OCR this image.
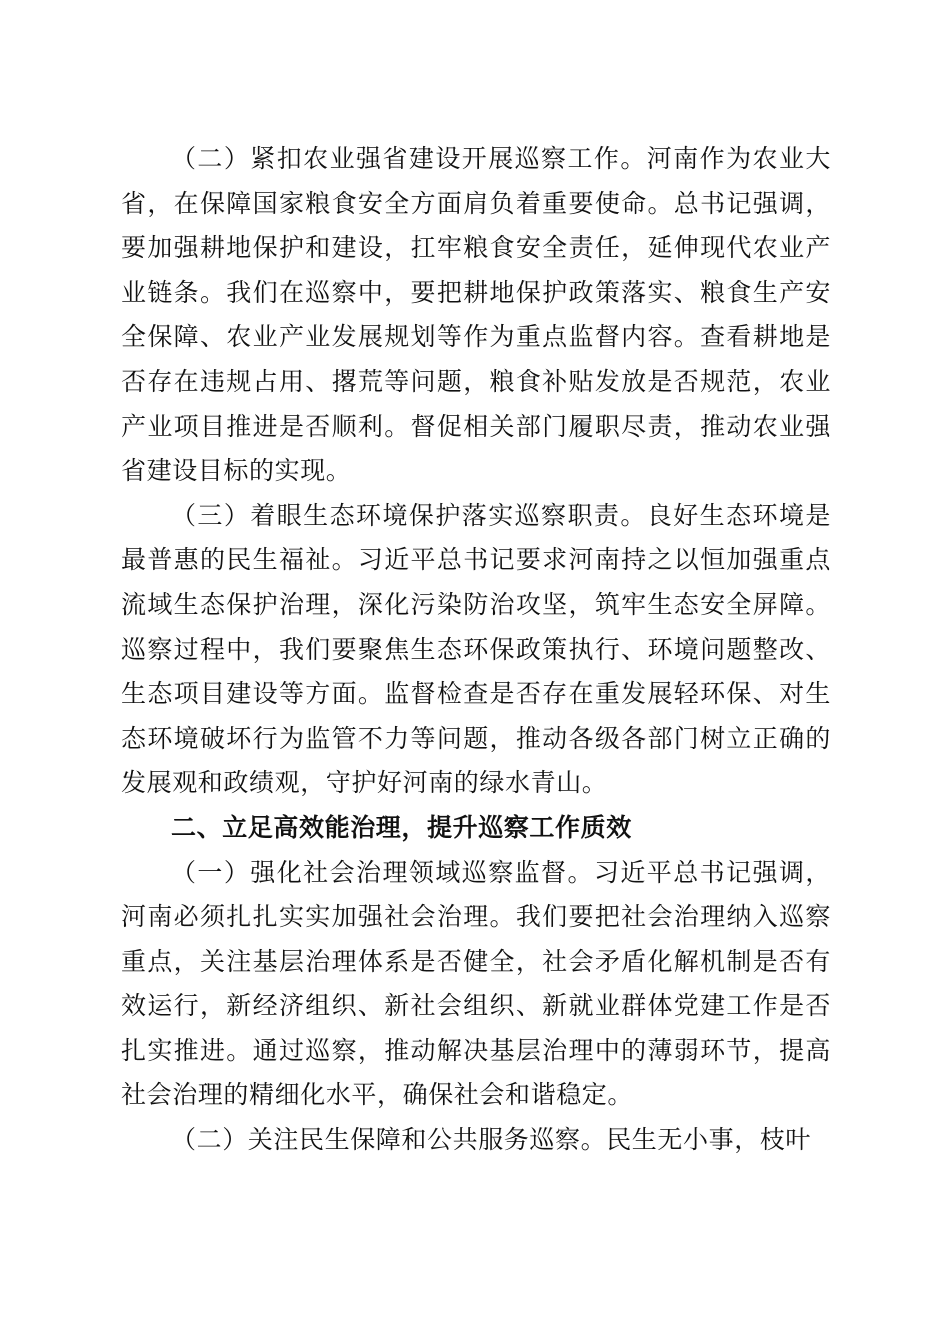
（二）紧扣农业强省建设开展巡察工作。河南作为农业大省，在保障国家粮食安全方面肩负着重要使命。总书记强调，要加强耕地保护和建设，扛牢粮食安全责任，延伸现代农业产业链条。我们在巡察中，要把耕地保护政策落实、粮食生产安全保障、农业产业发展规划等作为重点监督内容。查看耕地是否存在违规占用、撂荒等问题，粮食补贴发放是否规范，农业产业项目推进是否顺利。督促相关部门履职尽责，推动农业强省建设目标的实现。

（三）着眼生态环境保护落实巡察职责。良好生态环境是最普惠的民生福祉。习近平总书记要求河南持之以恒加强重点流域生态保护治理，深化污染防治攻坚，筑牢生态安全屏障。巡察过程中，我们要聚焦生态环保政策执行、环境问题整改、生态项目建设等方面。监督检查是否存在重发展轻环保、对生态环境破坏行为监管不力等问题，推动各级各部门树立正确的发展观和政绩观，守护好河南的绿水青山。

二、立足高效能治理，提升巡察工作质效

（一）强化社会治理领域巡察监督。习近平总书记强调，河南必须扎扎实实加强社会治理。我们要把社会治理纳入巡察重点，关注基层治理体系是否健全，社会矛盾化解机制是否有效运行，新经济组织、新社会组织、新就业群体党建工作是否扎实推进。通过巡察，推动解决基层治理中的薄弱环节，提高社会治理的精细化水平，确保社会和谐稳定。

（二）关注民生保障和公共服务巡察。民生无小事，枝叶
